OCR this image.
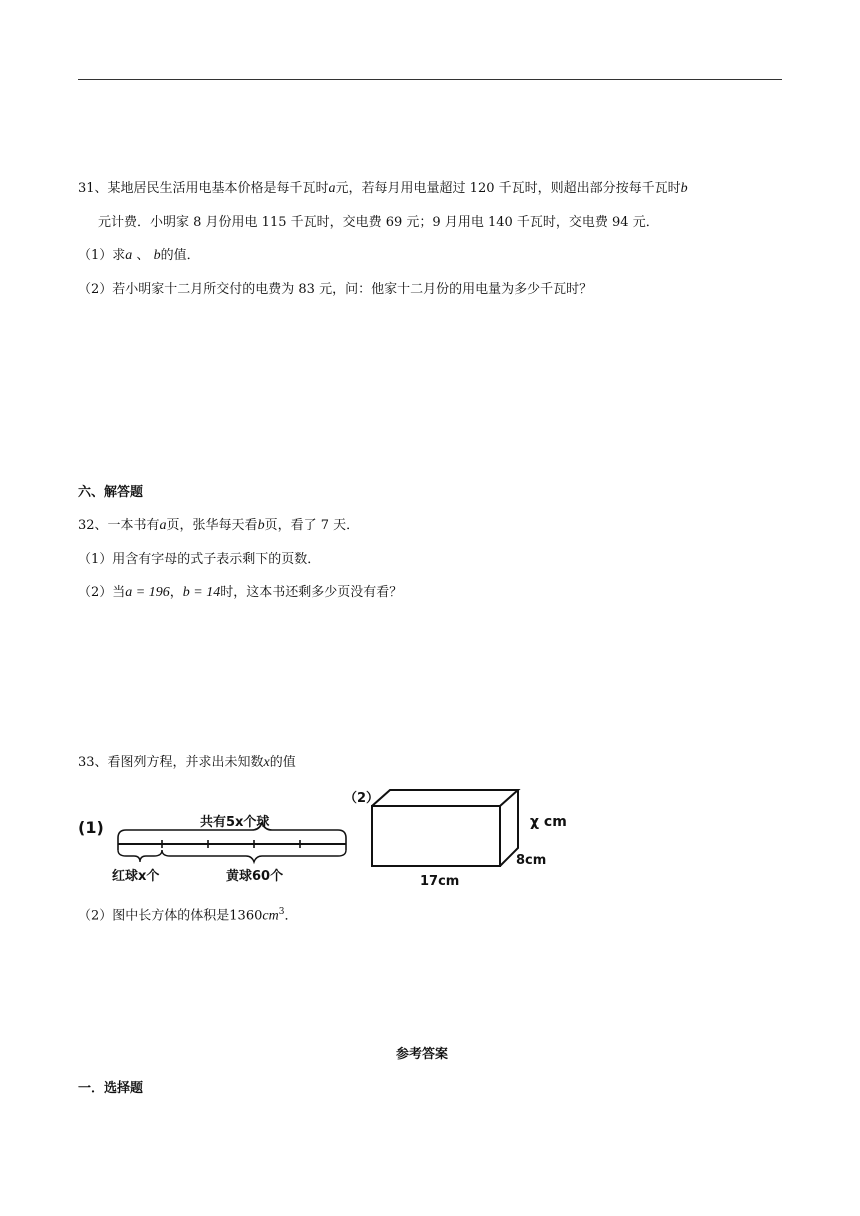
31、某地居民生活用电基本价格是每千瓦时a元，若每月用电量超过 120 千瓦时，则超出部分按每千瓦时b
元计费．小明家 8 月份用电 115 千瓦时，交电费 69 元；9 月用电 140 千瓦时，交电费 94 元．
（1）求a 、 b的值．
（2）若小明家十二月所交付的电费为 83 元，问：他家十二月份的用电量为多少千瓦时？
六、解答题
32、一本书有a页，张华每天看b页，看了 7 天．
（1）用含有字母的式子表示剩下的页数．
（2）当a = 196，b = 14时，这本书还剩多少页没有看？
33、看图列方程，并求出未知数x的值
(1)	共有5x个球
红球x个	黄球60个
（2）
χ cm
8cm
17cm
（2）图中长方体的体积是$1360cm^3$．
参考答案
一．选择题
